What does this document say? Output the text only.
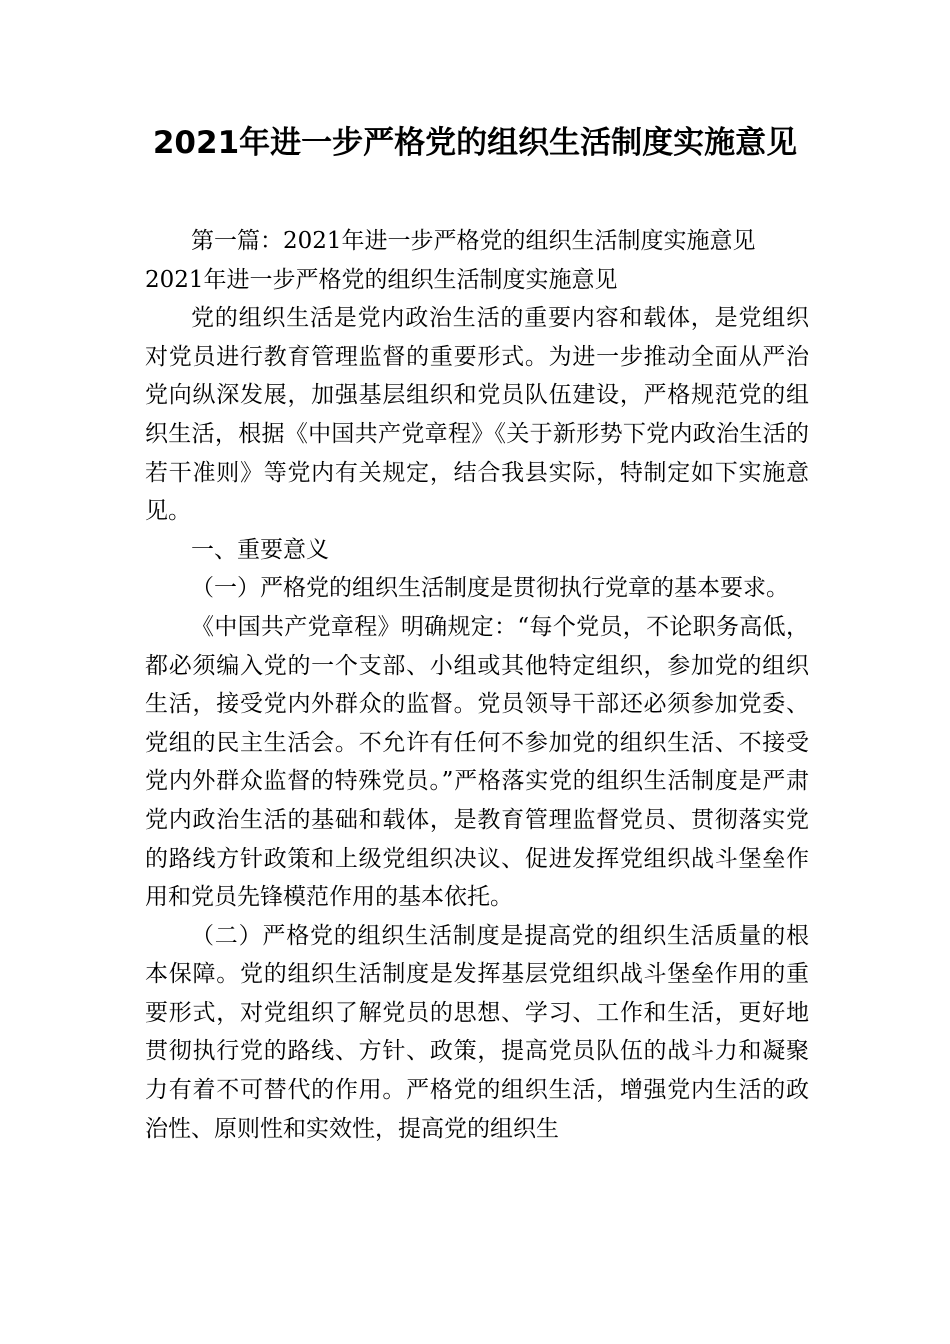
2021年进一步严格党的组织生活制度实施意见

第一篇：2021年进一步严格党的组织生活制度实施意见

2021年进一步严格党的组织生活制度实施意见

党的组织生活是党内政治生活的重要内容和载体，是党组织对党员进行教育管理监督的重要形式。为进一步推动全面从严治党向纵深发展，加强基层组织和党员队伍建设，严格规范党的组织生活，根据《中国共产党章程》《关于新形势下党内政治生活的若干准则》等党内有关规定，结合我县实际，特制定如下实施意见。

一、重要意义

（一）严格党的组织生活制度是贯彻执行党章的基本要求。

《中国共产党章程》明确规定：“每个党员，不论职务高低，都必须编入党的一个支部、小组或其他特定组织，参加党的组织生活，接受党内外群众的监督。党员领导干部还必须参加党委、党组的民主生活会。不允许有任何不参加党的组织生活、不接受党内外群众监督的特殊党员。”严格落实党的组织生活制度是严肃党内政治生活的基础和载体，是教育管理监督党员、贯彻落实党的路线方针政策和上级党组织决议、促进发挥党组织战斗堡垒作用和党员先锋模范作用的基本依托。

（二）严格党的组织生活制度是提高党的组织生活质量的根本保障。党的组织生活制度是发挥基层党组织战斗堡垒作用的重要形式，对党组织了解党员的思想、学习、工作和生活，更好地贯彻执行党的路线、方针、政策，提高党员队伍的战斗力和凝聚力有着不可替代的作用。严格党的组织生活，增强党内生活的政治性、原则性和实效性，提高党的组织生
